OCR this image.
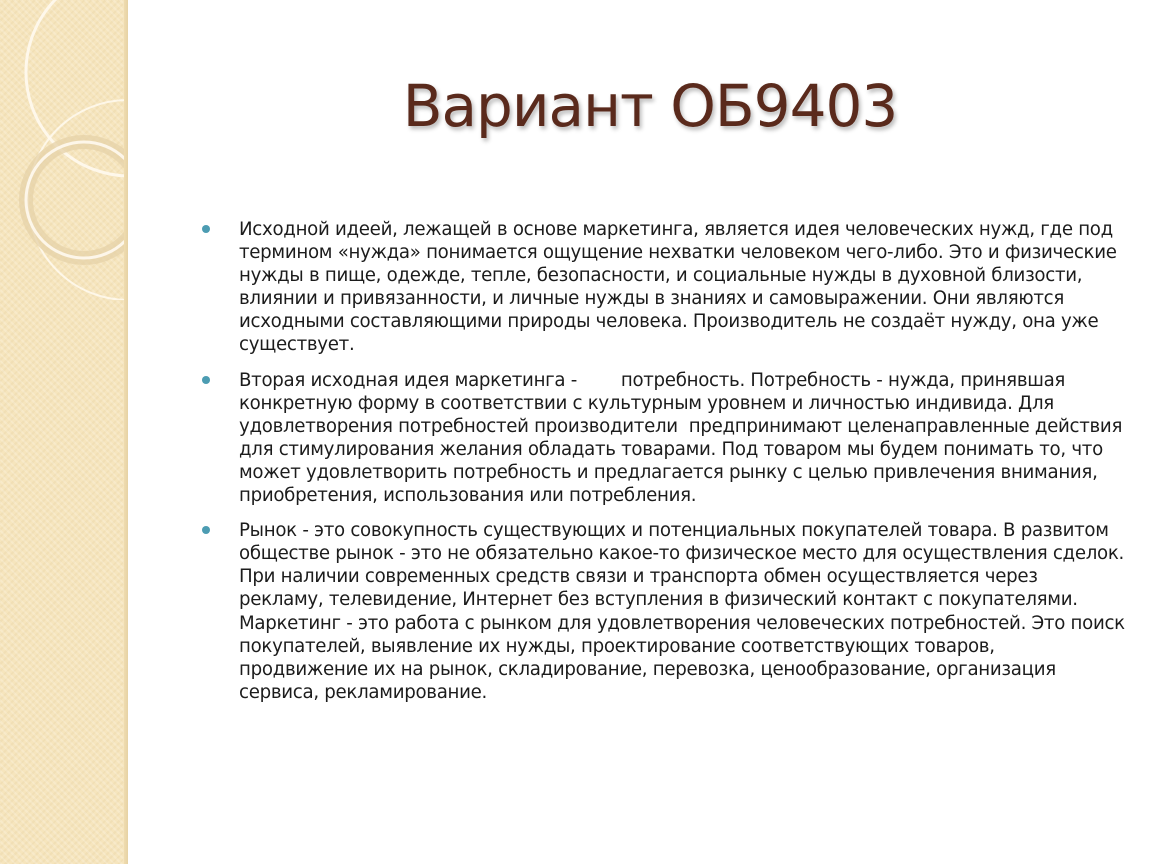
Вариант ОБ9403
Исходной идеей, лежащей в основе маркетинга, является идея человеческих нужд, где под термином «нужда» понимается ощущение нехватки человеком чего-либо. Это и физические нужды в пище, одежде, тепле, безопасности, и социальные нужды в духовной близости, влиянии и привязанности, и личные нужды в знаниях и самовыражении. Они являются исходными составляющими природы человека. Производитель не создаёт нужду, она уже существует.
Вторая исходная идея маркетинга -        потребность. Потребность - нужда, принявшая конкретную форму в соответствии с культурным уровнем и личностью индивида. Для удовлетворения потребностей производители  предпринимают целенаправленные действия для стимулирования желания обладать товарами. Под товаром мы будем понимать то, что может удовлетворить потребность и предлагается рынку с целью привлечения внимания, приобретения, использования или потребления.
Рынок - это совокупность существующих и потенциальных покупателей товара. В развитом обществе рынок - это не обязательно какое-то физическое место для осуществления сделок. При наличии современных средств связи и транспорта обмен осуществляется через рекламу, телевидение, Интернет без вступления в физический контакт с покупателями. Маркетинг - это работа с рынком для удовлетворения человеческих потребностей. Это поиск покупателей, выявление их нужды, проектирование соответствующих товаров, продвижение их на рынок, складирование, перевозка, ценообразование, организация сервиса, рекламирование.
